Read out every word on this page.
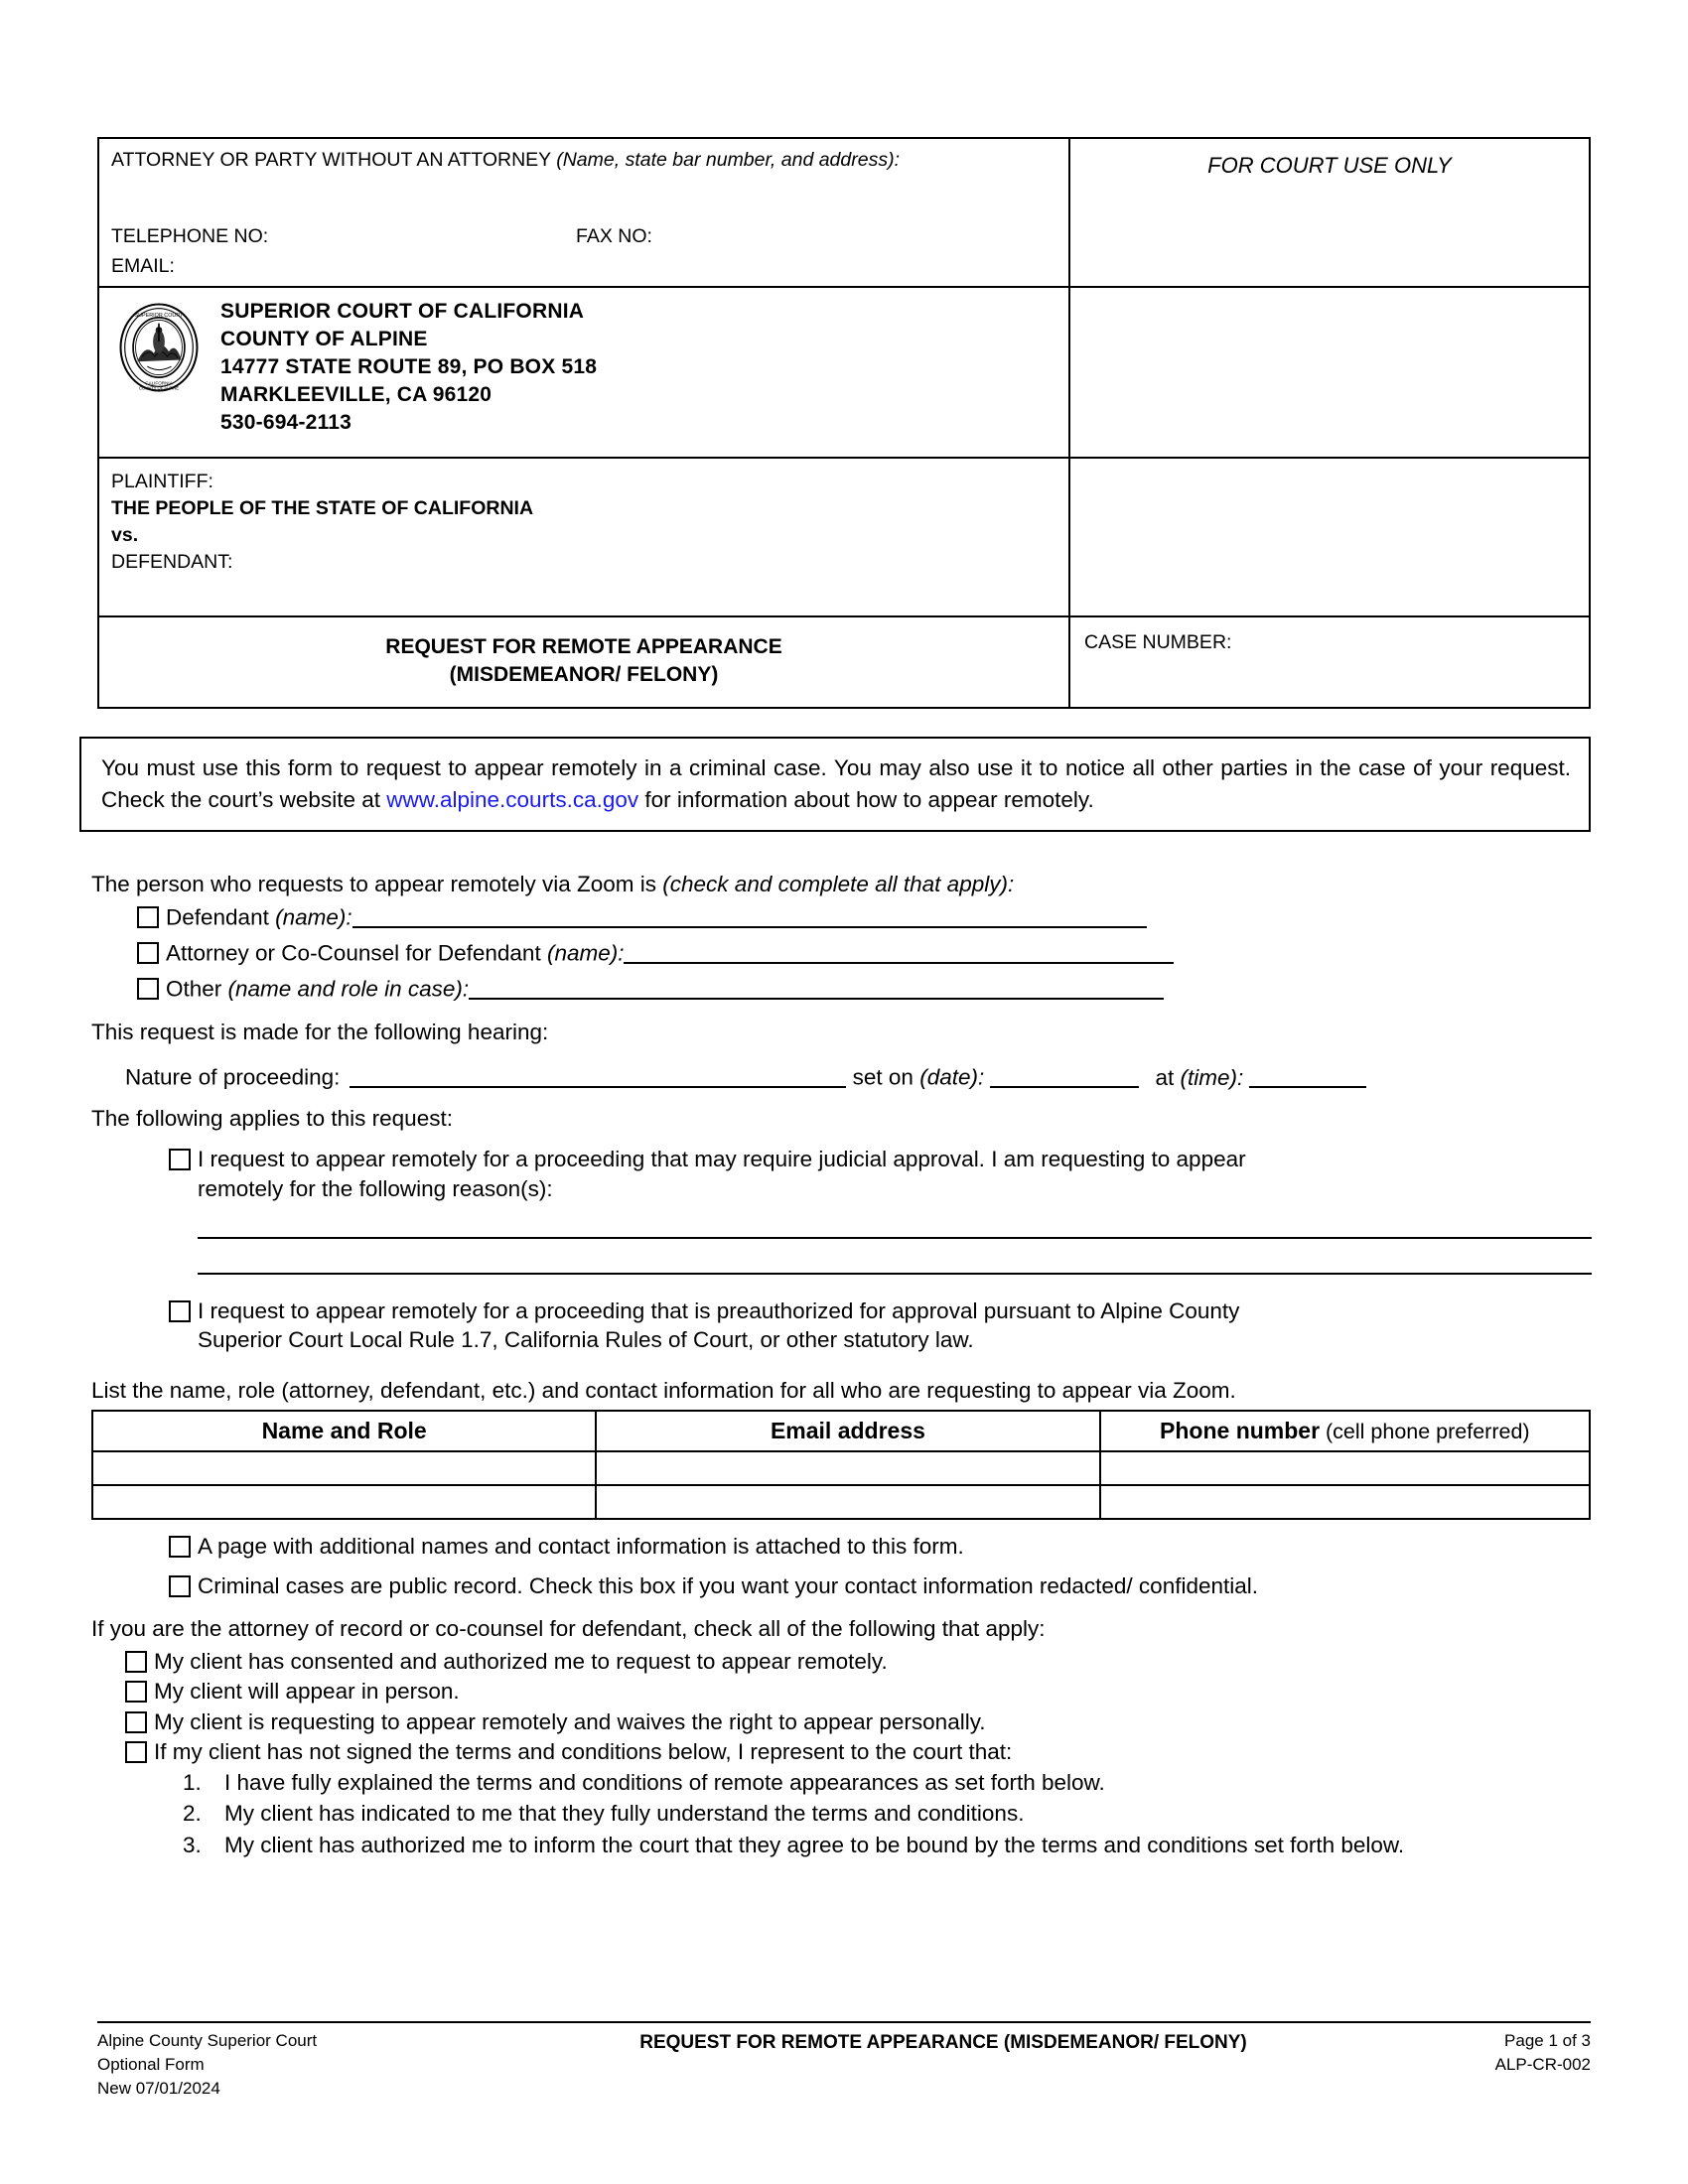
ATTORNEY OR PARTY WITHOUT AN ATTORNEY (Name, state bar number, and address):
TELEPHONE NO:	FAX NO:
EMAIL:
FOR COURT USE ONLY
SUPERIOR COURT
CALIFORNIA
COUNTY OF ALPINE
SUPERIOR COURT OF CALIFORNIA
COUNTY OF ALPINE
14777 STATE ROUTE 89, PO BOX 518
MARKLEEVILLE, CA 96120
530-694-2113
PLAINTIFF:
THE PEOPLE OF THE STATE OF CALIFORNIA
vs.
DEFENDANT:
REQUEST FOR REMOTE APPEARANCE
(MISDEMEANOR/ FELONY)
CASE NUMBER:
You must use this form to request to appear remotely in a criminal case. You may also use it to notice all other parties in the case of your request. Check the court’s website at www.alpine.courts.ca.gov for information about how to appear remotely.
The person who requests to appear remotely via Zoom is (check and complete all that apply):
Defendant (name):
Attorney or Co-Counsel for Defendant (name):
Other (name and role in case):
This request is made for the following hearing:
Nature of proceeding:	set on (date):	at (time):
The following applies to this request:
I request to appear remotely for a proceeding that may require judicial approval. I am requesting to appear
remotely for the following reason(s):
I request to appear remotely for a proceeding that is preauthorized for approval pursuant to Alpine County
Superior Court Local Rule 1.7, California Rules of Court, or other statutory law.
List the name, role (attorney, defendant, etc.) and contact information for all who are requesting to appear via Zoom.
Name and Role	Email address	Phone number (cell phone preferred)

A page with additional names and contact information is attached to this form.
Criminal cases are public record. Check this box if you want your contact information redacted/ confidential.
If you are the attorney of record or co-counsel for defendant, check all of the following that apply:
My client has consented and authorized me to request to appear remotely.
My client will appear in person.
My client is requesting to appear remotely and waives the right to appear personally.
If my client has not signed the terms and conditions below, I represent to the court that:
1.	I have fully explained the terms and conditions of remote appearances as set forth below.
2.	My client has indicated to me that they fully understand the terms and conditions.
3.	My client has authorized me to inform the court that they agree to be bound by the terms and conditions set forth below.
Alpine County Superior Court
Optional Form
New 07/01/2024
REQUEST FOR REMOTE APPEARANCE (MISDEMEANOR/ FELONY)	Page 1 of 3
ALP-CR-002
